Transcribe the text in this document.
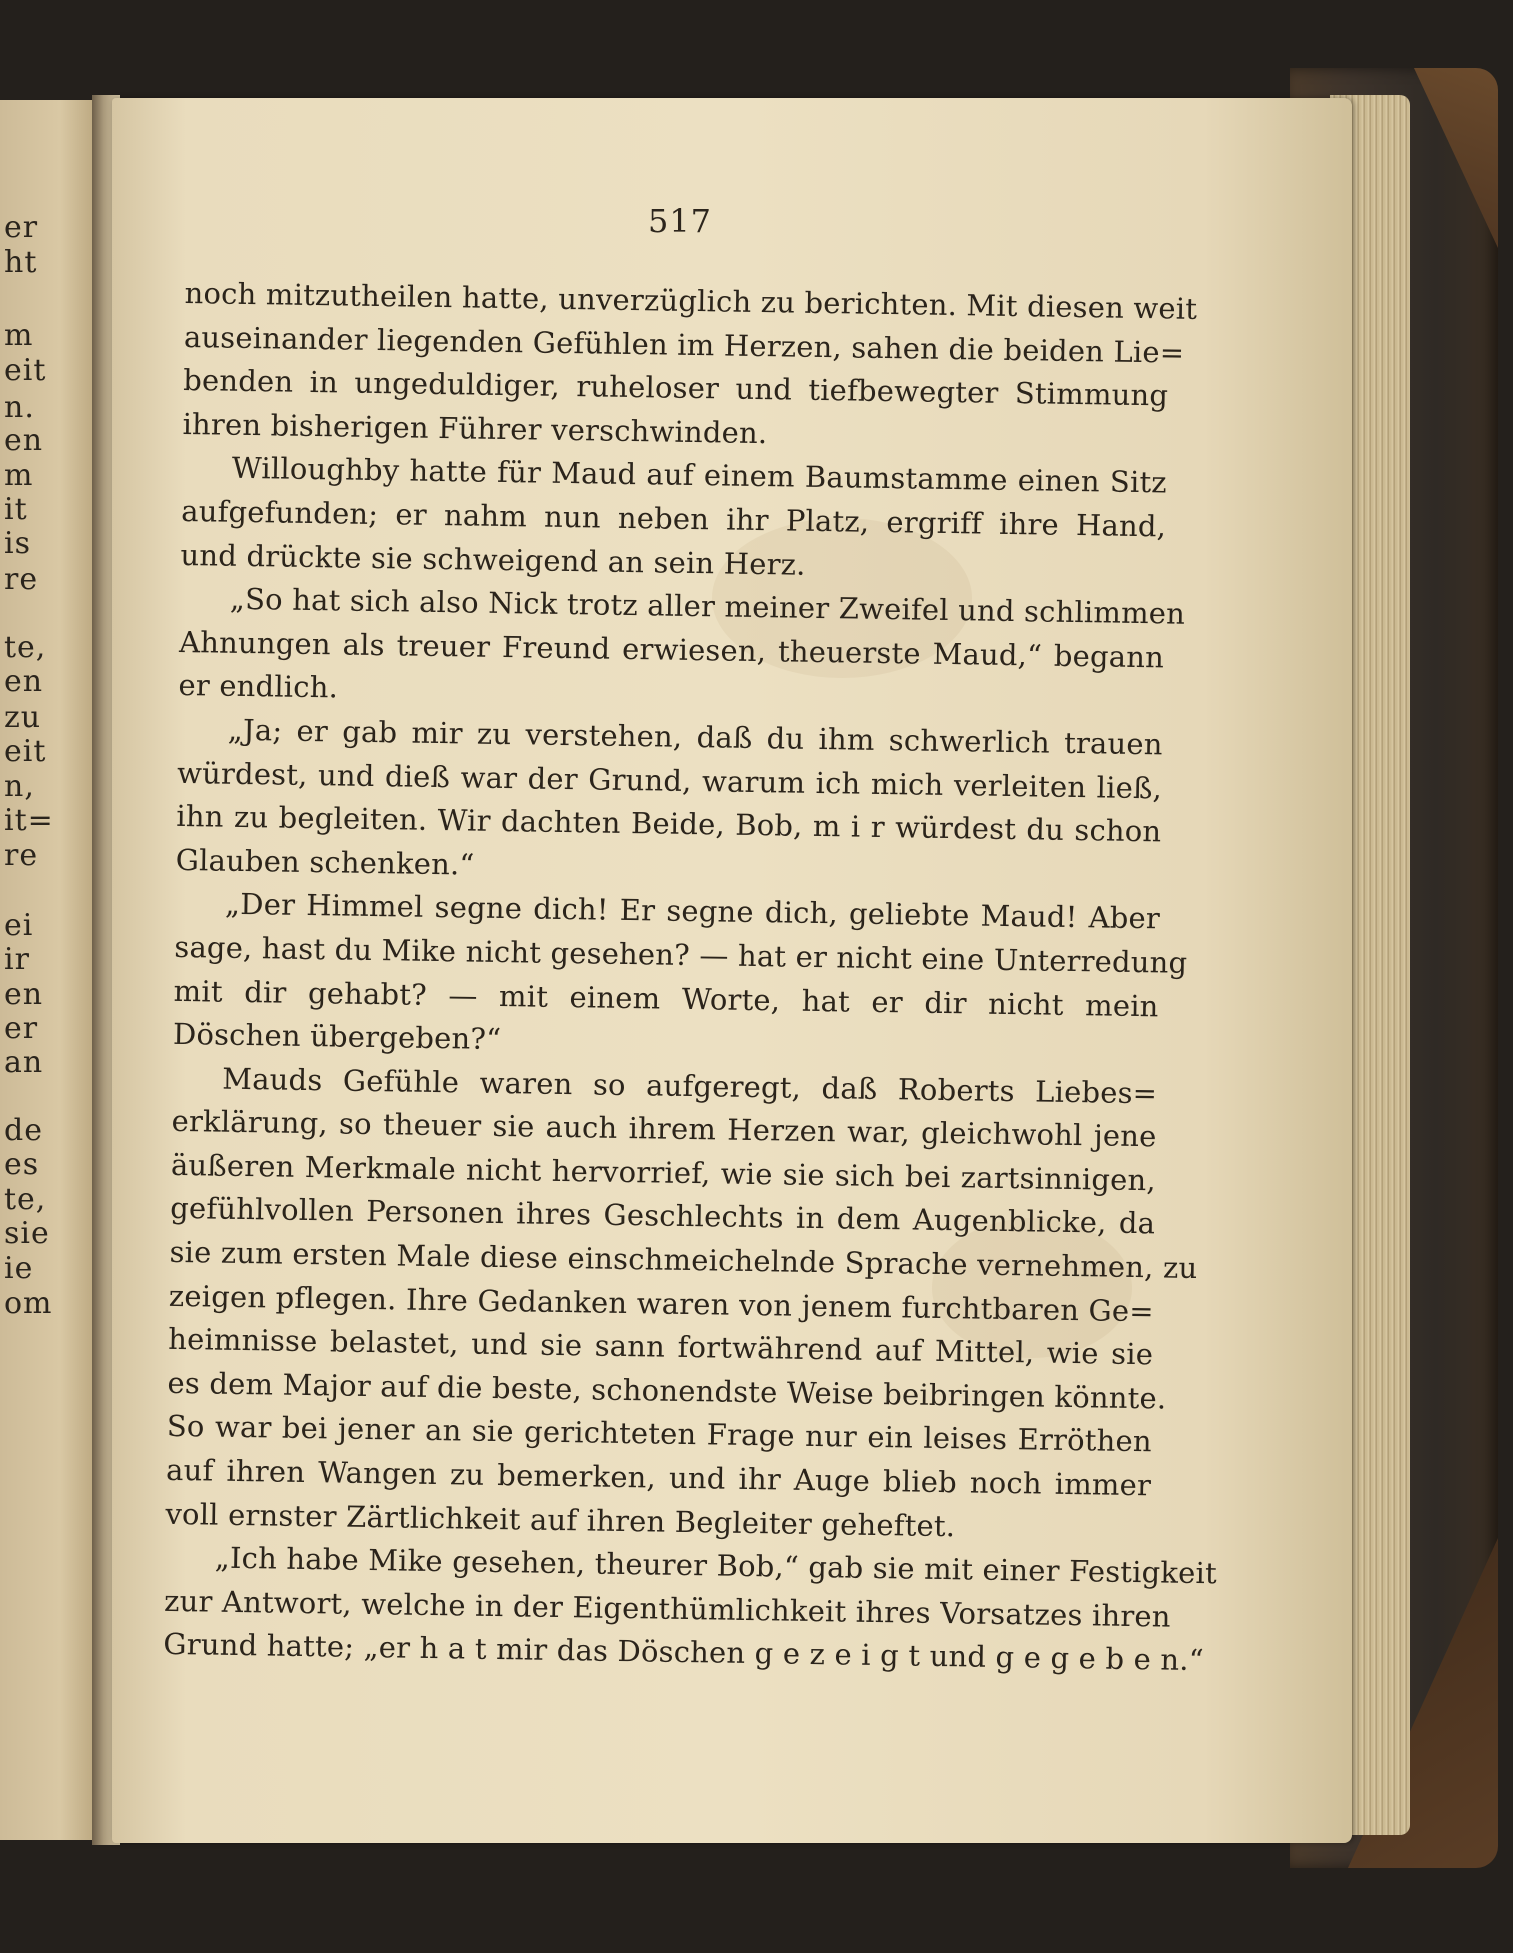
er
ht
m
eit
n.
en
m
it
is
re
te,
en
zu
eit
n,
it=
re
ei
ir
en
er
an
de
es
te,
sie
ie
om
517
noch mitzutheilen hatte, unverzüglich zu berichten. Mit diesen weit
auseinander liegenden Gefühlen im Herzen, sahen die beiden Lie=
benden in ungeduldiger, ruheloser und tiefbewegter Stimmung
ihren bisherigen Führer verschwinden.
Willoughby hatte für Maud auf einem Baumstamme einen Sitz
aufgefunden; er nahm nun neben ihr Platz, ergriff ihre Hand,
und drückte sie schweigend an sein Herz.
„So hat sich also Nick trotz aller meiner Zweifel und schlimmen
Ahnungen als treuer Freund erwiesen, theuerste Maud,“ begann
er endlich.
„Ja; er gab mir zu verstehen, daß du ihm schwerlich trauen
würdest, und dieß war der Grund, warum ich mich verleiten ließ,
ihn zu begleiten. Wir dachten Beide, Bob, m i r würdest du schon
Glauben schenken.“
„Der Himmel segne dich! Er segne dich, geliebte Maud! Aber
sage, hast du Mike nicht gesehen? — hat er nicht eine Unterredung
mit dir gehabt? — mit einem Worte, hat er dir nicht mein
Döschen übergeben?“
Mauds Gefühle waren so aufgeregt, daß Roberts Liebes=
erklärung, so theuer sie auch ihrem Herzen war, gleichwohl jene
äußeren Merkmale nicht hervorrief, wie sie sich bei zartsinnigen,
gefühlvollen Personen ihres Geschlechts in dem Augenblicke, da
sie zum ersten Male diese einschmeichelnde Sprache vernehmen, zu
zeigen pflegen. Ihre Gedanken waren von jenem furchtbaren Ge=
heimnisse belastet, und sie sann fortwährend auf Mittel, wie sie
es dem Major auf die beste, schonendste Weise beibringen könnte.
So war bei jener an sie gerichteten Frage nur ein leises Erröthen
auf ihren Wangen zu bemerken, und ihr Auge blieb noch immer
voll ernster Zärtlichkeit auf ihren Begleiter geheftet.
„Ich habe Mike gesehen, theurer Bob,“ gab sie mit einer Festigkeit
zur Antwort, welche in der Eigenthümlichkeit ihres Vorsatzes ihren
Grund hatte; „er h a t mir das Döschen g e z e i g t und g e g e b e n.“
